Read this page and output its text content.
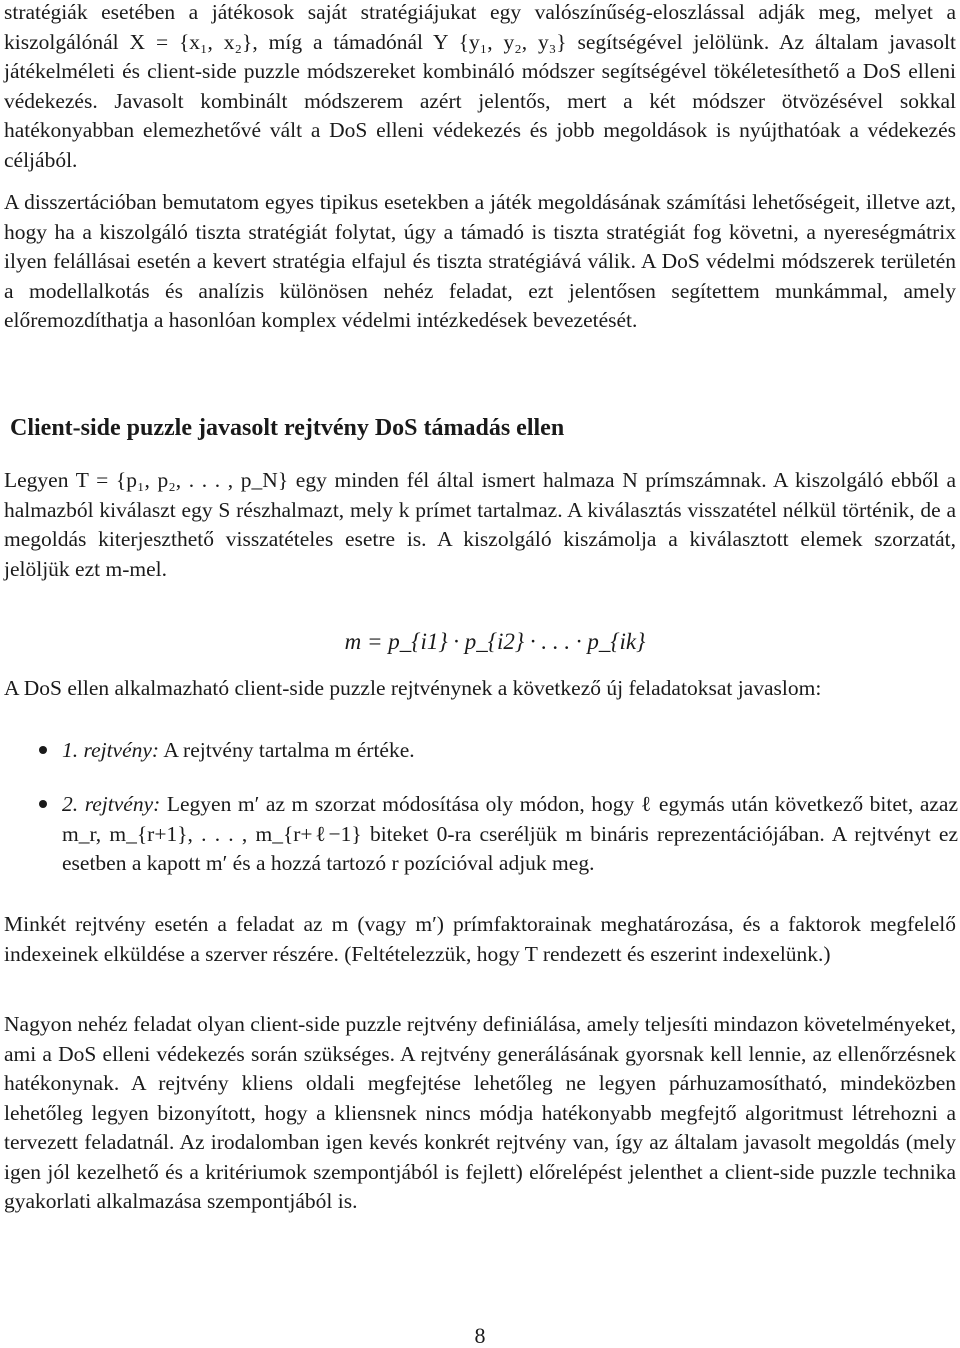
stratégiák esetében a játékosok saját stratégiájukat egy valószínűség-eloszlással adják meg, melyet a kiszolgálónál X = {x₁, x₂}, míg a támadónál Y {y₁, y₂, y₃} segítségével jelölünk. Az általam javasolt játékelméleti és client-side puzzle módszereket kombináló módszer segítségével tökéletesíthető a DoS elleni védekezés. Javasolt kombinált módszerem azért jelentős, mert a két módszer ötvözésével sokkal hatékonyabban elemezhetővé vált a DoS elleni védekezés és jobb megoldások is nyújthatóak a védekezés céljából.

A disszertációban bemutatom egyes tipikus esetekben a játék megoldásának számítási lehetőségeit, illetve azt, hogy ha a kiszolgáló tiszta stratégiát folytat, úgy a támadó is tiszta stratégiát fog követni, a nyereségmátrix ilyen felállásai esetén a kevert stratégia elfajul és tiszta stratégiává válik. A DoS védelmi módszerek területén a modellalkotás és analízis különösen nehéz feladat, ezt jelentősen segítettem munkámmal, amely előremozdíthatja a hasonlóan komplex védelmi intézkedések bevezetését.

Client-side puzzle javasolt rejtvény DoS támadás ellen

Legyen T = {p₁, p₂, . . . , p_N} egy minden fél által ismert halmaza N prímszámnak. A kiszolgáló ebből a halmazból kiválaszt egy S részhalmazt, mely k prímet tartalmaz. A kiválasztás visszatétel nélkül történik, de a megoldás kiterjeszthető visszatételes esetre is. A kiszolgáló kiszámolja a kiválasztott elemek szorzatát, jelöljük ezt m-mel.

m = p_{i1} · p_{i2} · . . . · p_{ik}

A DoS ellen alkalmazható client-side puzzle rejtvénynek a következő új feladatoksat javaslom:

1. rejtvény: A rejtvény tartalma m értéke.
2. rejtvény: Legyen m′ az m szorzat módosítása oly módon, hogy ℓ egymás után következő bitet, azaz m_r, m_{r+1}, . . . , m_{r+ℓ−1} biteket 0-ra cseréljük m bináris reprezentációjában. A rejtvényt ez esetben a kapott m′ és a hozzá tartozó r pozícióval adjuk meg.

Minkét rejtvény esetén a feladat az m (vagy m′) prímfaktorainak meghatározása, és a faktorok megfelelő indexeinek elküldése a szerver részére. (Feltételezzük, hogy T rendezett és eszerint indexelünk.)

Nagyon nehéz feladat olyan client-side puzzle rejtvény definiálása, amely teljesíti mindazon követelményeket, ami a DoS elleni védekezés során szükséges. A rejtvény generálásának gyorsnak kell lennie, az ellenőrzésnek hatékonynak. A rejtvény kliens oldali megfejtése lehetőleg ne legyen párhuzamosítható, mindeközben lehetőleg legyen bizonyított, hogy a kliensnek nincs módja hatékonyabb megfejtő algoritmust létrehozni a tervezett feladatnál. Az irodalomban igen kevés konkrét rejtvény van, így az általam javasolt megoldás (mely igen jól kezelhető és a kritériumok szempontjából is fejlett) előrelépést jelenthet a client-side puzzle technika gyakorlati alkalmazása szempontjából is.

8
